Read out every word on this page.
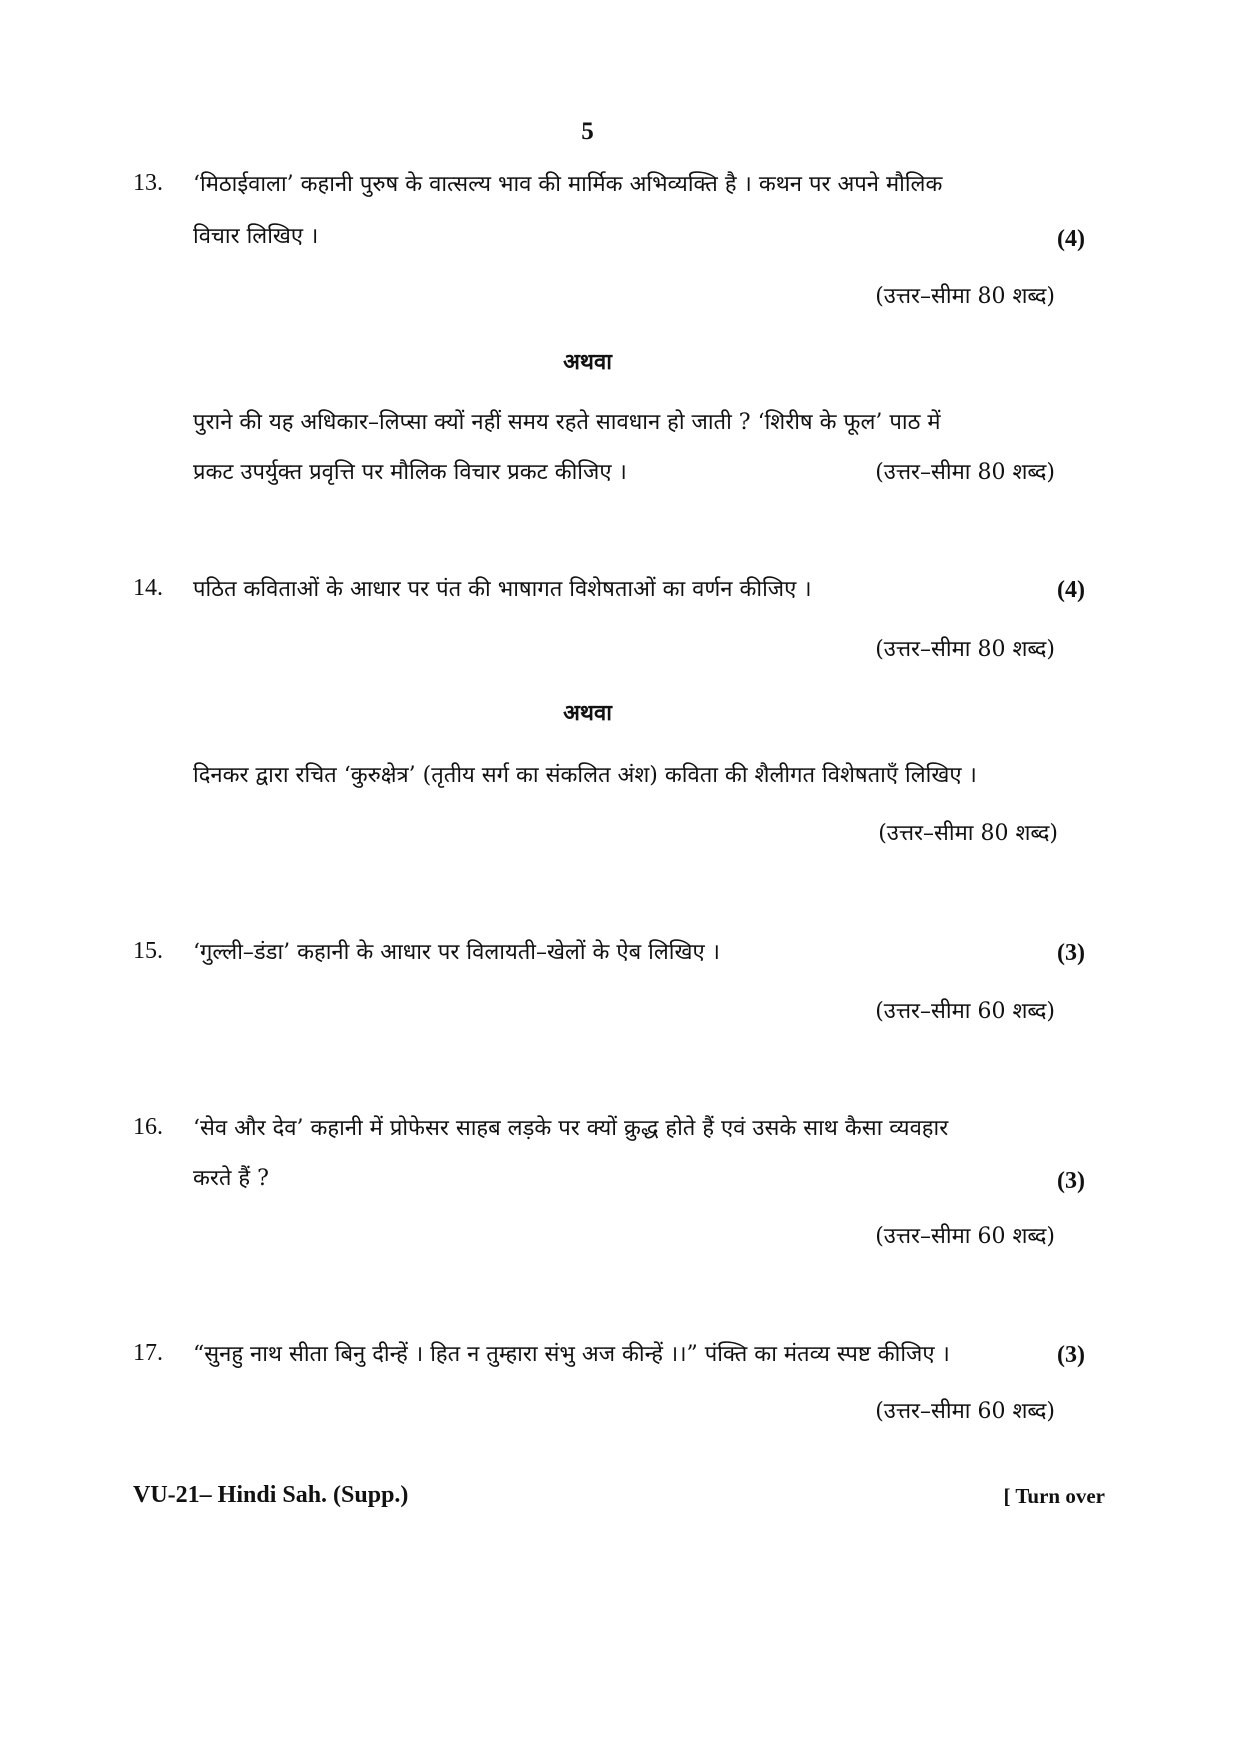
5
13. ‘मिठाईवाला’ कहानी पुरुष के वात्सल्य भाव की मार्मिक अभिव्यक्ति है । कथन पर अपने मौलिक
विचार लिखिए ।	(4)
(उत्तर–सीमा 80 शब्द)
अथवा
पुराने की यह अधिकार–लिप्सा क्यों नहीं समय रहते सावधान हो जाती ? ‘शिरीष के फूल’ पाठ में
प्रकट उपर्युक्त प्रवृत्ति पर मौलिक विचार प्रकट कीजिए ।	(उत्तर–सीमा 80 शब्द)
14. पठित कविताओं के आधार पर पंत की भाषागत विशेषताओं का वर्णन कीजिए ।	(4)
(उत्तर–सीमा 80 शब्द)
अथवा
दिनकर द्वारा रचित ‘कुरुक्षेत्र’ (तृतीय सर्ग का संकलित अंश) कविता की शैलीगत विशेषताएँ लिखिए ।
(उत्तर–सीमा 80 शब्द)
15. ‘गुल्ली–डंडा’ कहानी के आधार पर विलायती–खेलों के ऐब लिखिए ।	(3)
(उत्तर–सीमा 60 शब्द)
16. ‘सेव और देव’ कहानी में प्रोफेसर साहब लड़के पर क्यों क्रुद्ध होते हैं एवं उसके साथ कैसा व्यवहार
करते हैं ?	(3)
(उत्तर–सीमा 60 शब्द)
17. “सुनहु नाथ सीता बिनु दीन्हें । हित न तुम्हारा संभु अज कीन्हें ।।” पंक्ति का मंतव्य स्पष्ट कीजिए ।	(3)
(उत्तर–सीमा 60 शब्द)
VU-21– Hindi Sah. (Supp.)	[ Turn over
